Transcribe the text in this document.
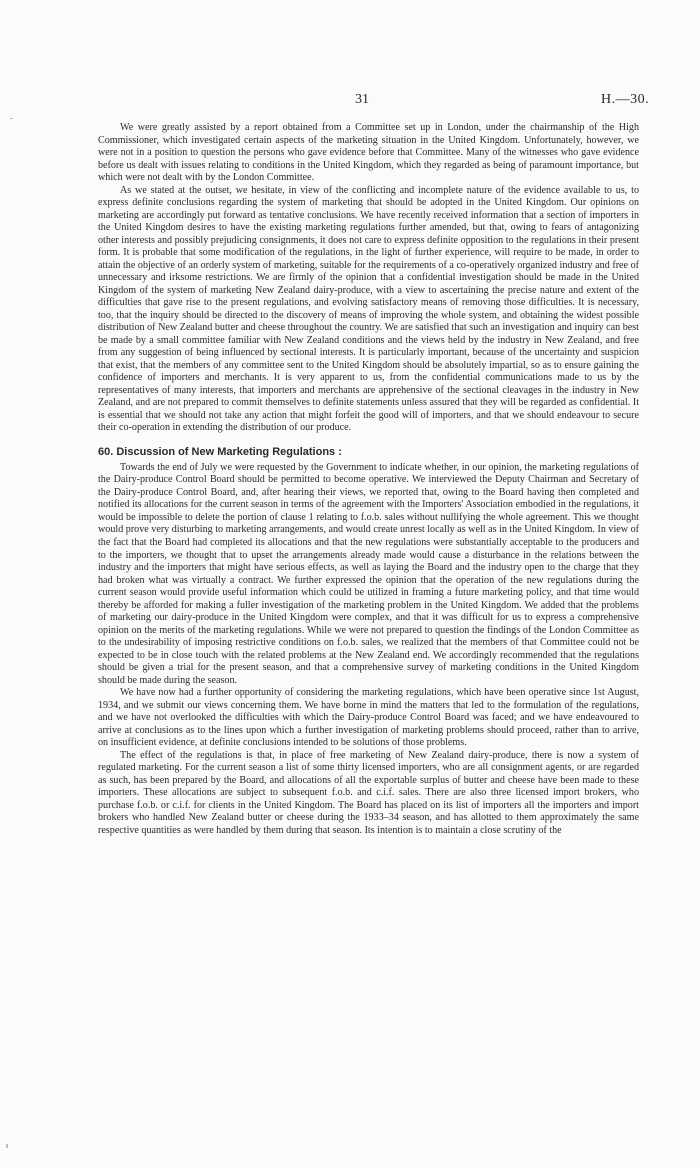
31	H.—30.

We were greatly assisted by a report obtained from a Committee set up in London, under the chairmanship of the High Commissioner, which investigated certain aspects of the marketing situation in the United Kingdom. Unfortunately, however, we were not in a position to question the persons who gave evidence before that Committee. Many of the witnesses who gave evidence before us dealt with issues relating to conditions in the United Kingdom, which they regarded as being of paramount importance, but which were not dealt with by the London Committee.

As we stated at the outset, we hesitate, in view of the conflicting and incomplete nature of the evidence available to us, to express definite conclusions regarding the system of marketing that should be adopted in the United Kingdom. Our opinions on marketing are accordingly put forward as tentative conclusions. We have recently received information that a section of importers in the United Kingdom desires to have the existing marketing regulations further amended, but that, owing to fears of antagonizing other interests and possibly prejudicing consignments, it does not care to express definite opposition to the regulations in their present form. It is probable that some modification of the regulations, in the light of further experience, will require to be made, in order to attain the objective of an orderly system of marketing, suitable for the requirements of a co-operatively organized industry and free of unnecessary and irksome restrictions. We are firmly of the opinion that a confidential investigation should be made in the United Kingdom of the system of marketing New Zealand dairy-produce, with a view to ascertaining the precise nature and extent of the difficulties that gave rise to the present regulations, and evolving satisfactory means of removing those difficulties. It is necessary, too, that the inquiry should be directed to the discovery of means of improving the whole system, and obtaining the widest possible distribution of New Zealand butter and cheese throughout the country. We are satisfied that such an investigation and inquiry can best be made by a small committee familiar with New Zealand conditions and the views held by the industry in New Zealand, and free from any suggestion of being influenced by sectional interests. It is particularly important, because of the uncertainty and suspicion that exist, that the members of any committee sent to the United Kingdom should be absolutely impartial, so as to ensure gaining the confidence of importers and merchants. It is very apparent to us, from the confidential communications made to us by the representatives of many interests, that importers and merchants are apprehensive of the sectional cleavages in the industry in New Zealand, and are not prepared to commit themselves to definite statements unless assured that they will be regarded as confidential. It is essential that we should not take any action that might forfeit the good will of importers, and that we should endeavour to secure their co-operation in extending the distribution of our produce.

60. Discussion of New Marketing Regulations :

Towards the end of July we were requested by the Government to indicate whether, in our opinion, the marketing regulations of the Dairy-produce Control Board should be permitted to become operative. We interviewed the Deputy Chairman and Secretary of the Dairy-produce Control Board, and, after hearing their views, we reported that, owing to the Board having then completed and notified its allocations for the current season in terms of the agreement with the Importers' Association embodied in the regulations, it would be impossible to delete the portion of clause 1 relating to f.o.b. sales without nullifying the whole agreement. This we thought would prove very disturbing to marketing arrangements, and would create unrest locally as well as in the United Kingdom. In view of the fact that the Board had completed its allocations and that the new regulations were substantially acceptable to the producers and to the importers, we thought that to upset the arrangements already made would cause a disturbance in the relations between the industry and the importers that might have serious effects, as well as laying the Board and the industry open to the charge that they had broken what was virtually a contract. We further expressed the opinion that the operation of the new regulations during the current season would provide useful information which could be utilized in framing a future marketing policy, and that time would thereby be afforded for making a fuller investigation of the marketing problem in the United Kingdom. We added that the problems of marketing our dairy-produce in the United Kingdom were complex, and that it was difficult for us to express a comprehensive opinion on the merits of the marketing regulations. While we were not prepared to question the findings of the London Committee as to the undesirability of imposing restrictive conditions on f.o.b. sales, we realized that the members of that Committee could not be expected to be in close touch with the related problems at the New Zealand end. We accordingly recommended that the regulations should be given a trial for the present season, and that a comprehensive survey of marketing conditions in the United Kingdom should be made during the season.

We have now had a further opportunity of considering the marketing regulations, which have been operative since 1st August, 1934, and we submit our views concerning them. We have borne in mind the matters that led to the formulation of the regulations, and we have not overlooked the difficulties with which the Dairy-produce Control Board was faced; and we have endeavoured to arrive at conclusions as to the lines upon which a further investigation of marketing problems should proceed, rather than to arrive, on insufficient evidence, at definite conclusions intended to be solutions of those problems.

The effect of the regulations is that, in place of free marketing of New Zealand dairy-produce, there is now a system of regulated marketing. For the current season a list of some thirty licensed importers, who are all consignment agents, or are regarded as such, has been prepared by the Board, and allocations of all the exportable surplus of butter and cheese have been made to these importers. These allocations are subject to subsequent f.o.b. and c.i.f. sales. There are also three licensed import brokers, who purchase f.o.b. or c.i.f. for clients in the United Kingdom. The Board has placed on its list of importers all the importers and import brokers who handled New Zealand butter or cheese during the 1933–34 season, and has allotted to them approximately the same respective quantities as were handled by them during that season. Its intention is to maintain a close scrutiny of the
